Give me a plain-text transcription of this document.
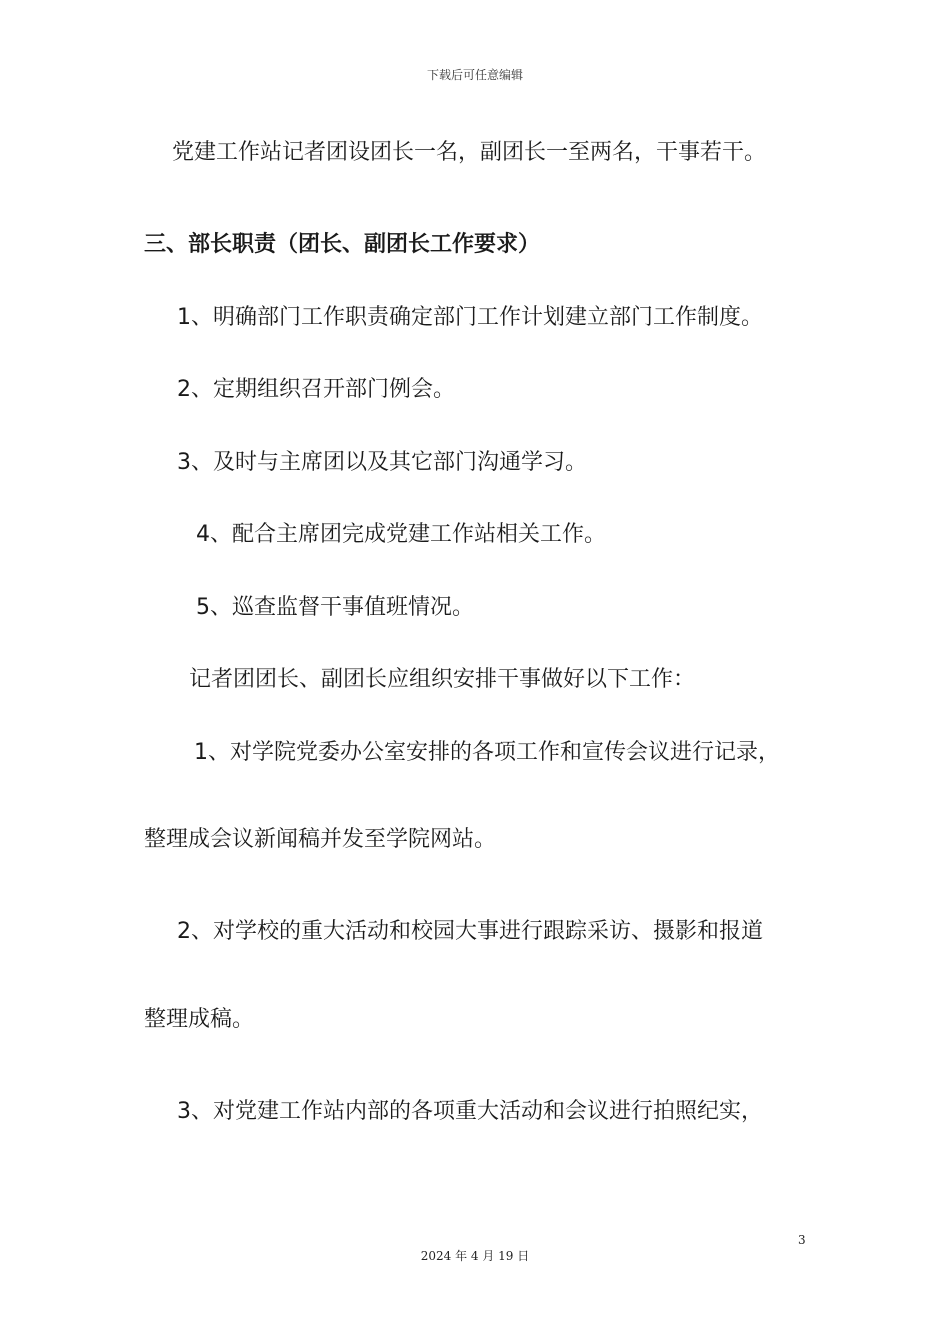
下载后可任意编辑
党建工作站记者团设团长一名，副团长一至两名，干事若干。
三、部长职责（团长、副团长工作要求）
1、明确部门工作职责确定部门工作计划建立部门工作制度。
2、定期组织召开部门例会。
3、及时与主席团以及其它部门沟通学习。
4、配合主席团完成党建工作站相关工作。
5、巡查监督干事值班情况。
记者团团长、副团长应组织安排干事做好以下工作：
1、对学院党委办公室安排的各项工作和宣传会议进行记录，
整理成会议新闻稿并发至学院网站。
2、对学校的重大活动和校园大事进行跟踪采访、摄影和报道
整理成稿。
3、对党建工作站内部的各项重大活动和会议进行拍照纪实，
3
2024 年 4 月 19 日
